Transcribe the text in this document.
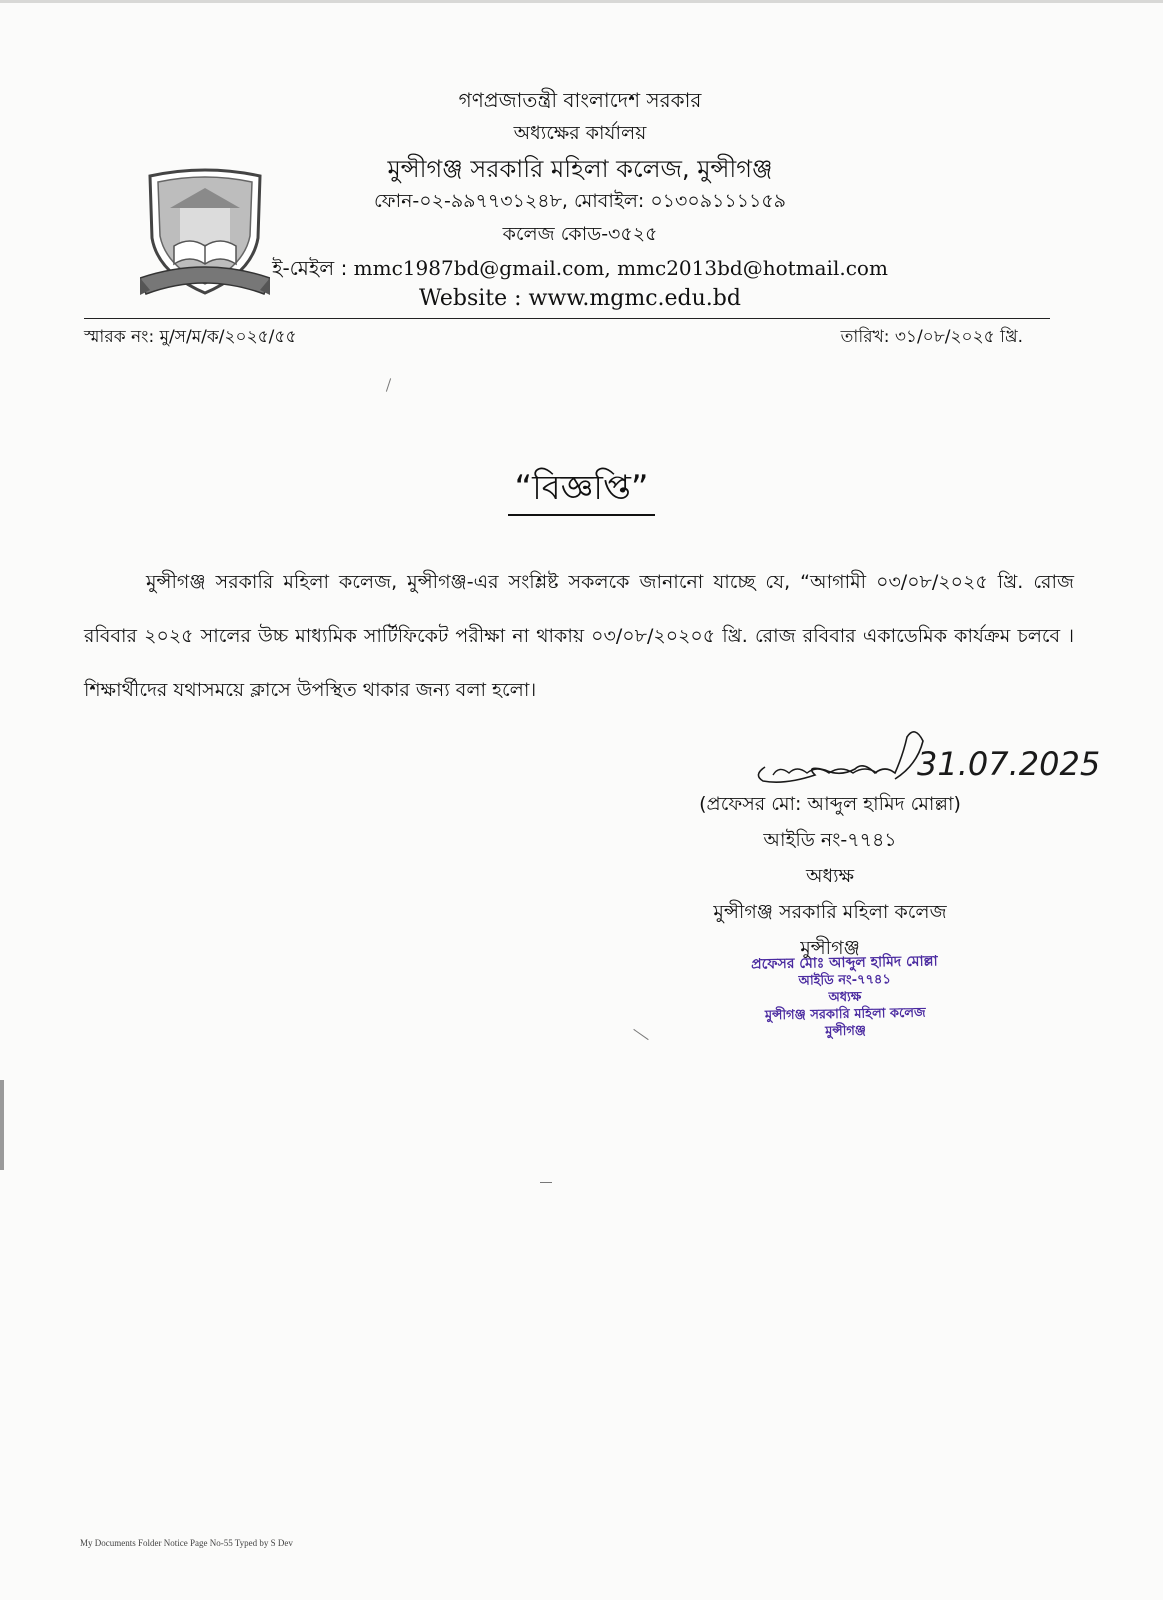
গণপ্রজাতন্ত্রী বাংলাদেশ সরকার
অধ্যক্ষের কার্যালয়
মুন্সীগঞ্জ সরকারি মহিলা কলেজ, মুন্সীগঞ্জ
ফোন-০২-৯৯৭৭৩১২৪৮, মোবাইল: ০১৩০৯১১১১৫৯
কলেজ কোড-৩৫২৫
ই-মেইল : mmc1987bd@gmail.com, mmc2013bd@hotmail.com
Website : www.mgmc.edu.bd
স্মারক নং: মু/স/ম/ক/২০২৫/৫৫	তারিখ: ৩১/০৮/২০২৫ খ্রি.
“বিজ্ঞপ্তি”
মুন্সীগঞ্জ সরকারি মহিলা কলেজ, মুন্সীগঞ্জ-এর সংশ্লিষ্ট সকলকে জানানো যাচ্ছে যে, “আগামী ০৩/০৮/২০২৫ খ্রি. রোজ রবিবার ২০২৫ সালের উচ্চ মাধ্যমিক সার্টিফিকেট পরীক্ষা না থাকায় ০৩/০৮/২০২০৫ খ্রি. রোজ রবিবার একাডেমিক কার্যক্রম চলবে । শিক্ষার্থীদের যথাসময়ে ক্লাসে উপস্থিত থাকার জন্য বলা হলো।
31.07.2025
(প্রফেসর মো: আব্দুল হামিদ মোল্লা)
আইডি নং-৭৭৪১
অধ্যক্ষ
মুন্সীগঞ্জ সরকারি মহিলা কলেজ
মুন্সীগঞ্জ
প্রফেসর মোঃ আব্দুল হামিদ মোল্লা
আইডি নং-৭৭৪১
অধ্যক্ষ
মুন্সীগঞ্জ সরকারি মহিলা কলেজ
মুন্সীগঞ্জ
My Documents Folder Notice Page No-55 Typed by S Dev
